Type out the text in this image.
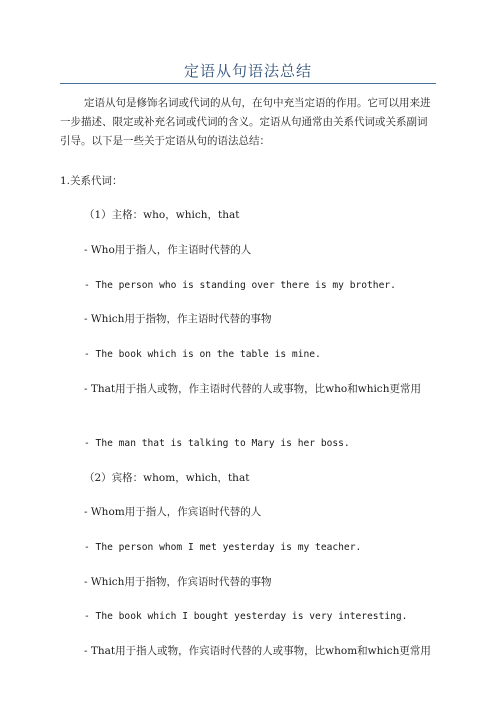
定语从句语法总结
定语从句是修饰名词或代词的从句，在句中充当定语的作用。它可以用来进一步描述、限定或补充名词或代词的含义。定语从句通常由关系代词或关系副词引导。以下是一些关于定语从句的语法总结：
1.关系代词：
（1）主格：who，which，that
- Who用于指人，作主语时代替的人
- The person who is standing over there is my brother.
- Which用于指物，作主语时代替的事物
- The book which is on the table is mine.
- That用于指人或物，作主语时代替的人或事物，比who和which更常用
- The man that is talking to Mary is her boss.
（2）宾格：whom，which，that
- Whom用于指人，作宾语时代替的人
- The person whom I met yesterday is my teacher.
- Which用于指物，作宾语时代替的事物
- The book which I bought yesterday is very interesting.
- That用于指人或物，作宾语时代替的人或事物，比whom和which更常用
